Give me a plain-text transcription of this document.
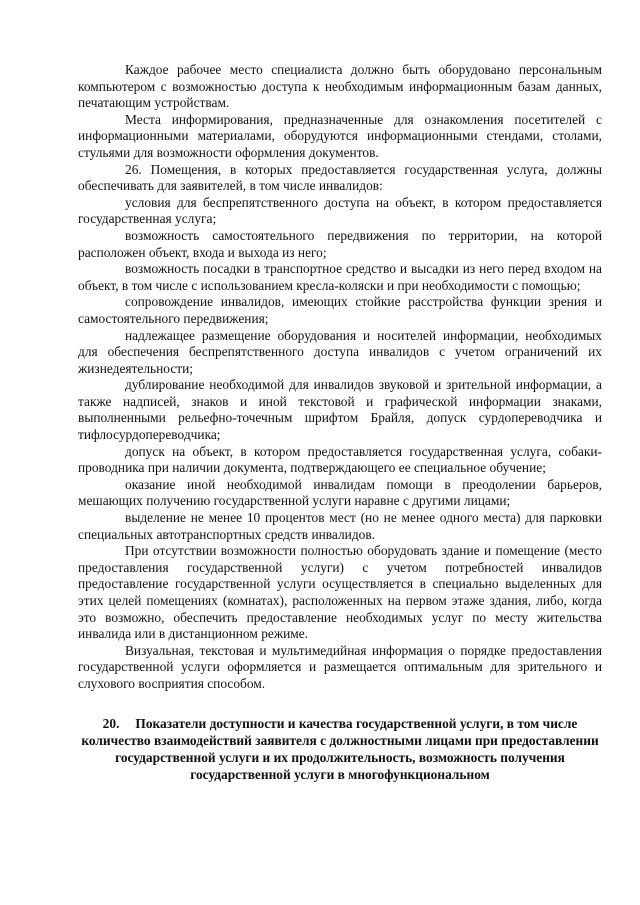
Каждое рабочее место специалиста должно быть оборудовано персональным компьютером с возможностью доступа к необходимым информационным базам данных, печатающим устройствам.

Места информирования, предназначенные для ознакомления посетителей с информационными материалами, оборудуются информационными стендами, столами, стульями для возможности оформления документов.

26. Помещения, в которых предоставляется государственная услуга, должны обеспечивать для заявителей, в том числе инвалидов:

условия для беспрепятственного доступа на объект, в котором предоставляется государственная услуга;

возможность самостоятельного передвижения по территории, на которой расположен объект, входа и выхода из него;

возможность посадки в транспортное средство и высадки из него перед входом на объект, в том числе с использованием кресла-коляски и при необходимости с помощью;

сопровождение инвалидов, имеющих стойкие расстройства функции зрения и самостоятельного передвижения;

надлежащее размещение оборудования и носителей информации, необходимых для обеспечения беспрепятственного доступа инвалидов с учетом ограничений их жизнедеятельности;

дублирование необходимой для инвалидов звуковой и зрительной информации, а также надписей, знаков и иной текстовой и графической информации знаками, выполненными рельефно-точечным шрифтом Брайля, допуск сурдопереводчика и тифлосурдопереводчика;

допуск на объект, в котором предоставляется государственная услуга, собаки-проводника при наличии документа, подтверждающего ее специальное обучение;

оказание иной необходимой инвалидам помощи в преодолении барьеров, мешающих получению государственной услуги наравне с другими лицами;

выделение не менее 10 процентов мест (но не менее одного места) для парковки специальных автотранспортных средств инвалидов.

При отсутствии возможности полностью оборудовать здание и помещение (место предоставления государственной услуги) с учетом потребностей инвалидов предоставление государственной услуги осуществляется в специально выделенных для этих целей помещениях (комнатах), расположенных на первом этаже здания, либо, когда это возможно, обеспечить предоставление необходимых услуг по месту жительства инвалида или в дистанционном режиме.

Визуальная, текстовая и мультимедийная информация о порядке предоставления государственной услуги оформляется и размещается оптимальным для зрительного и слухового восприятия способом.

20. Показатели доступности и качества государственной услуги, в том числе количество взаимодействий заявителя с должностными лицами при предоставлении государственной услуги и их продолжительность, возможность получения государственной услуги в многофункциональном
